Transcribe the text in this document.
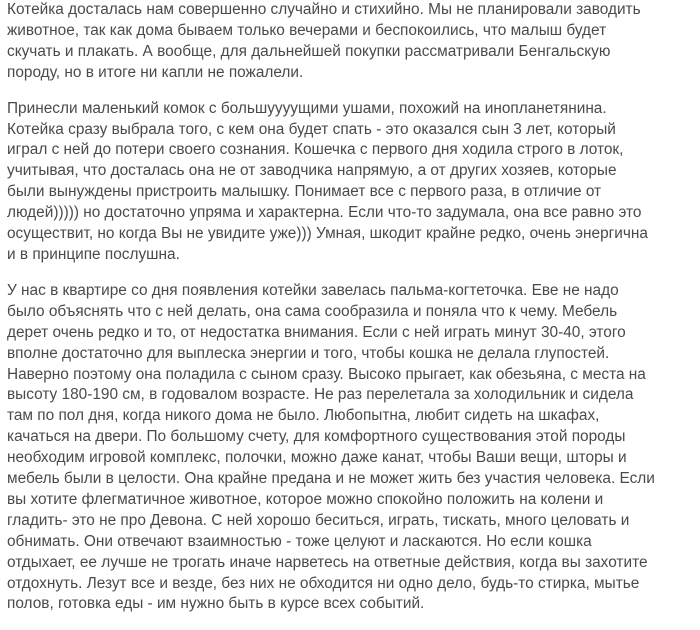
Котейка досталась нам совершенно случайно и стихийно. Мы не планировали заводить
животное, так как дома бываем только вечерами и беспокоились, что малыш будет
скучать и плакать. А вообще, для дальнейшей покупки рассматривали Бенгальскую
породу, но в итоге ни капли не пожалели.

Принесли маленький комок с большуууущими ушами, похожий на инопланетянина.
Котейка сразу выбрала того, с кем она будет спать - это оказался сын 3 лет, который
играл с ней до потери своего сознания. Кошечка с первого дня ходила строго в лоток,
учитывая, что досталась она не от заводчика напрямую, а от других хозяев, которые
были вынуждены пристроить малышку. Понимает все с первого раза, в отличие от
людей))))) но достаточно упряма и характерна. Если что-то задумала, она все равно это
осуществит, но когда Вы не увидите уже))) Умная, шкодит крайне редко, очень энергична
и в принципе послушна.

У нас в квартире со дня появления котейки завелась пальма-когтеточка. Еве не надо
было объяснять что с ней делать, она сама сообразила и поняла что к чему. Мебель
дерет очень редко и то, от недостатка внимания. Если с ней играть минут 30-40, этого
вполне достаточно для выплеска энергии и того, чтобы кошка не делала глупостей.
Наверно поэтому она поладила с сыном сразу. Высоко прыгает, как обезьяна, с места на
высоту 180-190 см, в годовалом возрасте. Не раз перелетала за холодильник и сидела
там по пол дня, когда никого дома не было. Любопытна, любит сидеть на шкафах,
качаться на двери. По большому счету, для комфортного существования этой породы
необходим игровой комплекс, полочки, можно даже канат, чтобы Ваши вещи, шторы и
мебель были в целости. Она крайне предана и не может жить без участия человека. Если
вы хотите флегматичное животное, которое можно спокойно положить на колени и
гладить- это не про Девона. С ней хорошо беситься, играть, тискать, много целовать и
обнимать. Они отвечают взаимностью - тоже целуют и ласкаются. Но если кошка
отдыхает, ее лучше не трогать иначе нарветесь на ответные действия, когда вы захотите
отдохнуть. Лезут все и везде, без них не обходится ни одно дело, будь-то стирка, мытье
полов, готовка еды - им нужно быть в курсе всех событий.
